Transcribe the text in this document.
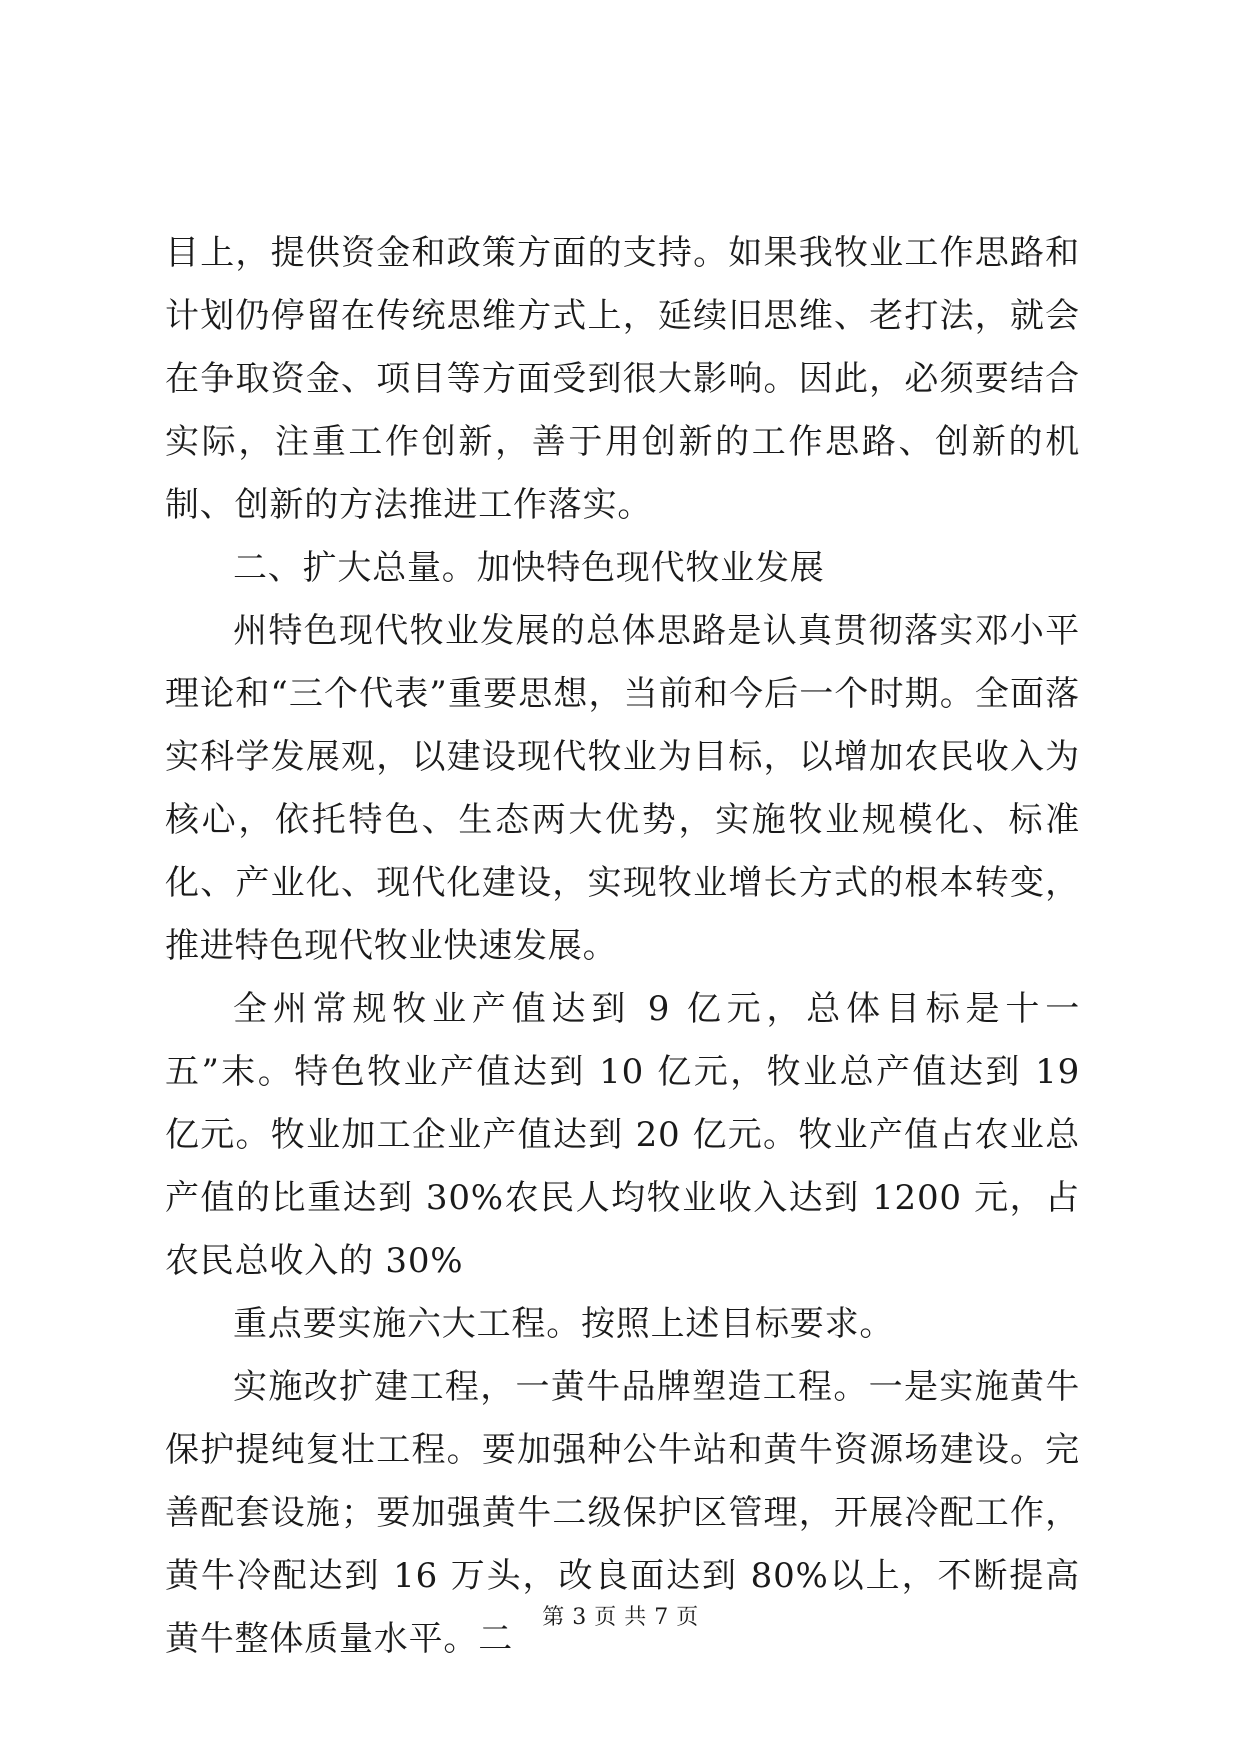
目上，提供资金和政策方面的支持。如果我牧业工作思路和计划仍停留在传统思维方式上，延续旧思维、老打法，就会在争取资金、项目等方面受到很大影响。因此，必须要结合实际，注重工作创新，善于用创新的工作思路、创新的机制、创新的方法推进工作落实。

二、扩大总量。加快特色现代牧业发展

州特色现代牧业发展的总体思路是认真贯彻落实邓小平理论和“三个代表”重要思想，当前和今后一个时期。全面落实科学发展观，以建设现代牧业为目标，以增加农民收入为核心，依托特色、生态两大优势，实施牧业规模化、标准化、产业化、现代化建设，实现牧业增长方式的根本转变，推进特色现代牧业快速发展。

全州常规牧业产值达到 9 亿元，总体目标是十一五”末。特色牧业产值达到 10 亿元，牧业总产值达到 19 亿元。牧业加工企业产值达到 20 亿元。牧业产值占农业总产值的比重达到 30%农民人均牧业收入达到 1200 元，占农民总收入的 30%

重点要实施六大工程。按照上述目标要求。

实施改扩建工程，一黄牛品牌塑造工程。一是实施黄牛保护提纯复壮工程。要加强种公牛站和黄牛资源场建设。完善配套设施；要加强黄牛二级保护区管理，开展冷配工作，黄牛冷配达到 16 万头，改良面达到 80%以上，不断提高黄牛整体质量水平。二

第 3 页 共 7 页
